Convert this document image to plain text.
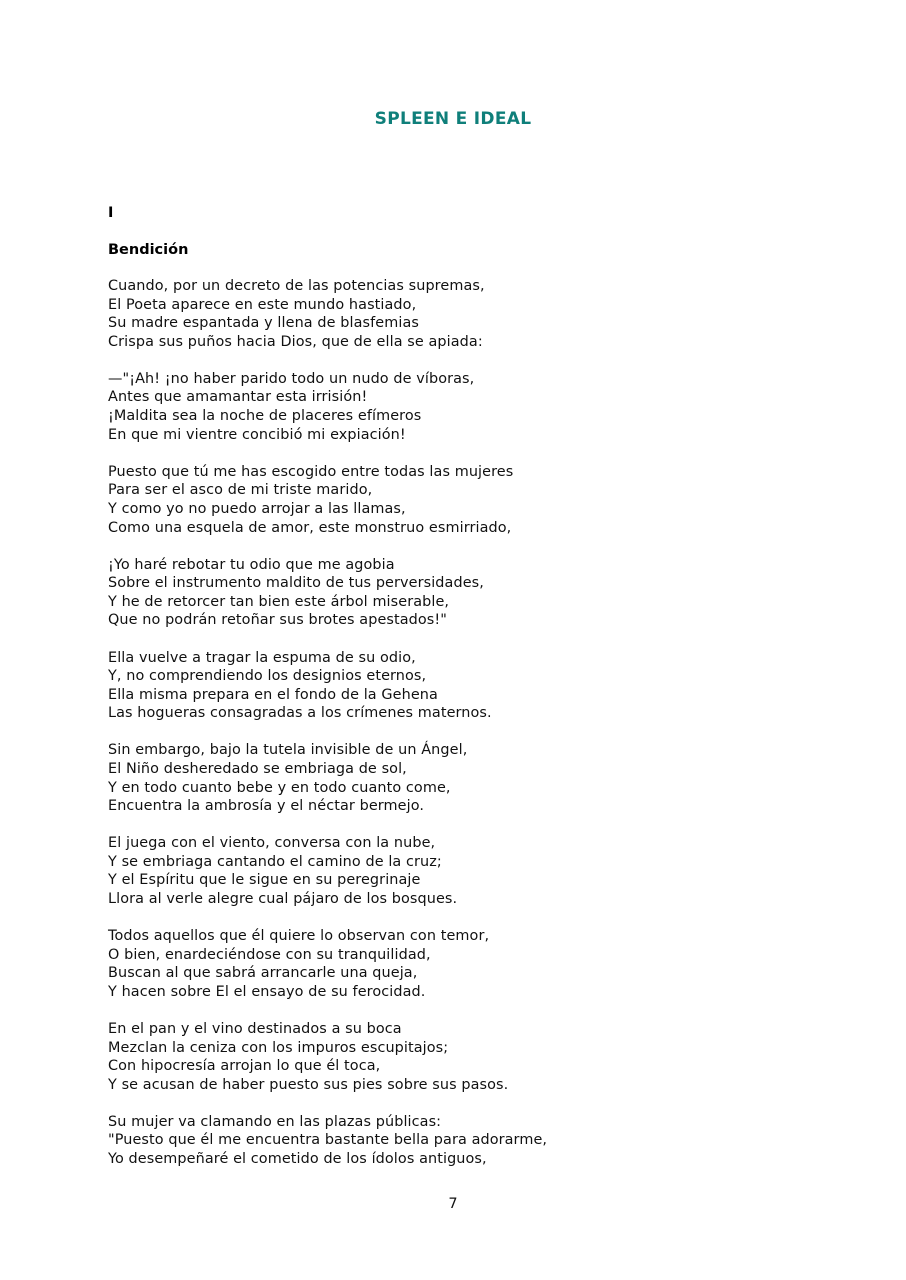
SPLEEN E IDEAL
I
Bendición
Cuando, por un decreto de las potencias supremas,
El Poeta aparece en este mundo hastiado,
Su madre espantada y llena de blasfemias
Crispa sus puños hacia Dios, que de ella se apiada:
—"¡Ah! ¡no haber parido todo un nudo de víboras,
Antes que amamantar esta irrisión!
¡Maldita sea la noche de placeres efímeros
En que mi vientre concibió mi expiación!
Puesto que tú me has escogido entre todas las mujeres
Para ser el asco de mi triste marido,
Y como yo no puedo arrojar a las llamas,
Como una esquela de amor, este monstruo esmirriado,
¡Yo haré rebotar tu odio que me agobia
Sobre el instrumento maldito de tus perversidades,
Y he de retorcer tan bien este árbol miserable,
Que no podrán retoñar sus brotes apestados!"
Ella vuelve a tragar la espuma de su odio,
Y, no comprendiendo los designios eternos,
Ella misma prepara en el fondo de la Gehena
Las hogueras consagradas a los crímenes maternos.
Sin embargo, bajo la tutela invisible de un Ángel,
El Niño desheredado se embriaga de sol,
Y en todo cuanto bebe y en todo cuanto come,
Encuentra la ambrosía y el néctar bermejo.
El juega con el viento, conversa con la nube,
Y se embriaga cantando el camino de la cruz;
Y el Espíritu que le sigue en su peregrinaje
Llora al verle alegre cual pájaro de los bosques.
Todos aquellos que él quiere lo observan con temor,
O bien, enardeciéndose con su tranquilidad,
Buscan al que sabrá arrancarle una queja,
Y hacen sobre El el ensayo de su ferocidad.
En el pan y el vino destinados a su boca
Mezclan la ceniza con los impuros escupitajos;
Con hipocresía arrojan lo que él toca,
Y se acusan de haber puesto sus pies sobre sus pasos.
Su mujer va clamando en las plazas públicas:
"Puesto que él me encuentra bastante bella para adorarme,
Yo desempeñaré el cometido de los ídolos antiguos,
7
